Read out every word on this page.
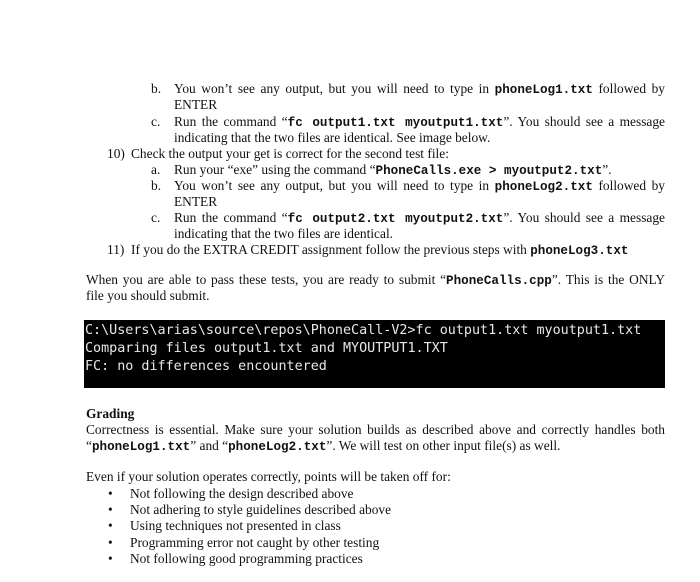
b. You won’t see any output, but you will need to type in phoneLog1.txt followed by
ENTER
c. Run the command “fc output1.txt myoutput1.txt”. You should see a message
indicating that the two files are identical. See image below.
10) Check the output your get is correct for the second test file:
a. Run your “exe” using the command “PhoneCalls.exe > myoutput2.txt”.
b. You won’t see any output, but you will need to type in phoneLog2.txt followed by
ENTER
c. Run the command “fc output2.txt myoutput2.txt”. You should see a message
indicating that the two files are identical.
11) If you do the EXTRA CREDIT assignment follow the previous steps with phoneLog3.txt
When you are able to pass these tests, you are ready to submit “PhoneCalls.cpp”. This is the ONLY
file you should submit.
C:\Users\arias\source\repos\PhoneCall-V2>fc output1.txt myoutput1.txt
Comparing files output1.txt and MYOUTPUT1.TXT
FC: no differences encountered
Grading
Correctness is essential. Make sure your solution builds as described above and correctly handles both
“phoneLog1.txt” and “phoneLog2.txt”. We will test on other input file(s) as well.
Even if your solution operates correctly, points will be taken off for:
• Not following the design described above
• Not adhering to style guidelines described above
• Using techniques not presented in class
• Programming error not caught by other testing
• Not following good programming practices
